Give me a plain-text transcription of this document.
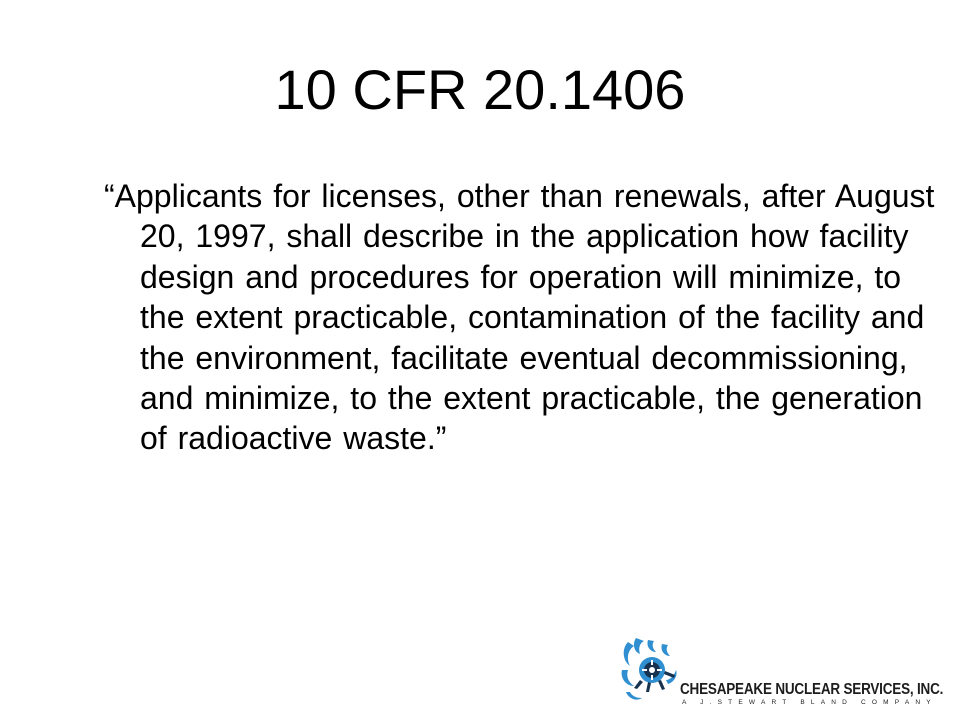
10 CFR 20.1406

“Applicants for licenses, other than renewals, after August 20, 1997, shall describe in the application how facility design and procedures for operation will minimize, to the extent practicable, contamination of the facility and the environment, facilitate eventual decommissioning, and minimize, to the extent practicable, the generation of radioactive waste.”

CHESAPEAKE NUCLEAR SERVICES, INC.
A J.STEWART BLAND COMPANY
